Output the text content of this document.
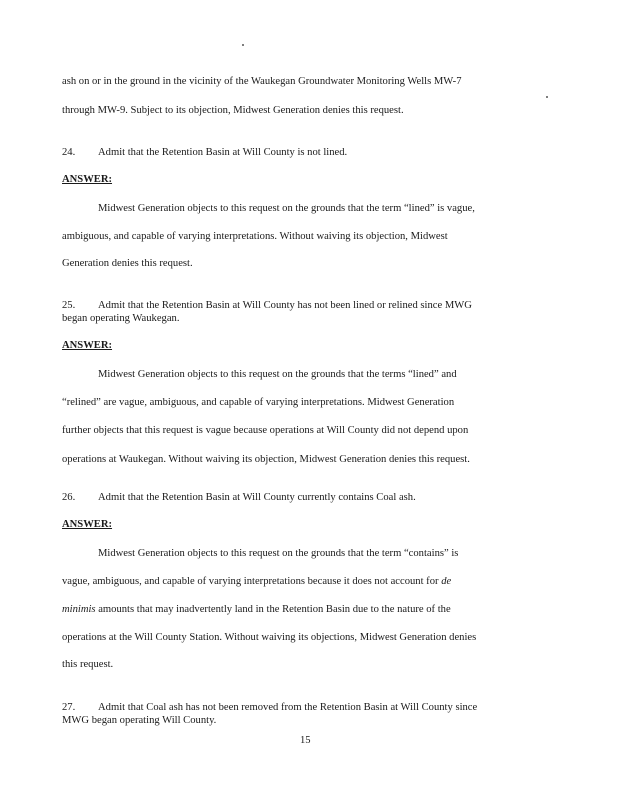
ash on or in the ground in the vicinity of the Waukegan Groundwater Monitoring Wells MW-7
through MW-9. Subject to its objection, Midwest Generation denies this request.
24. Admit that the Retention Basin at Will County is not lined.
ANSWER:
Midwest Generation objects to this request on the grounds that the term “lined” is vague,
ambiguous, and capable of varying interpretations. Without waiving its objection, Midwest
Generation denies this request.
25. Admit that the Retention Basin at Will County has not been lined or relined since MWG
began operating Waukegan.
ANSWER:
Midwest Generation objects to this request on the grounds that the terms “lined” and
“relined” are vague, ambiguous, and capable of varying interpretations. Midwest Generation
further objects that this request is vague because operations at Will County did not depend upon
operations at Waukegan. Without waiving its objection, Midwest Generation denies this request.
26. Admit that the Retention Basin at Will County currently contains Coal ash.
ANSWER:
Midwest Generation objects to this request on the grounds that the term “contains” is
vague, ambiguous, and capable of varying interpretations because it does not account for de
minimis amounts that may inadvertently land in the Retention Basin due to the nature of the
operations at the Will County Station. Without waiving its objections, Midwest Generation denies
this request.
27. Admit that Coal ash has not been removed from the Retention Basin at Will County since
MWG began operating Will County.
15
